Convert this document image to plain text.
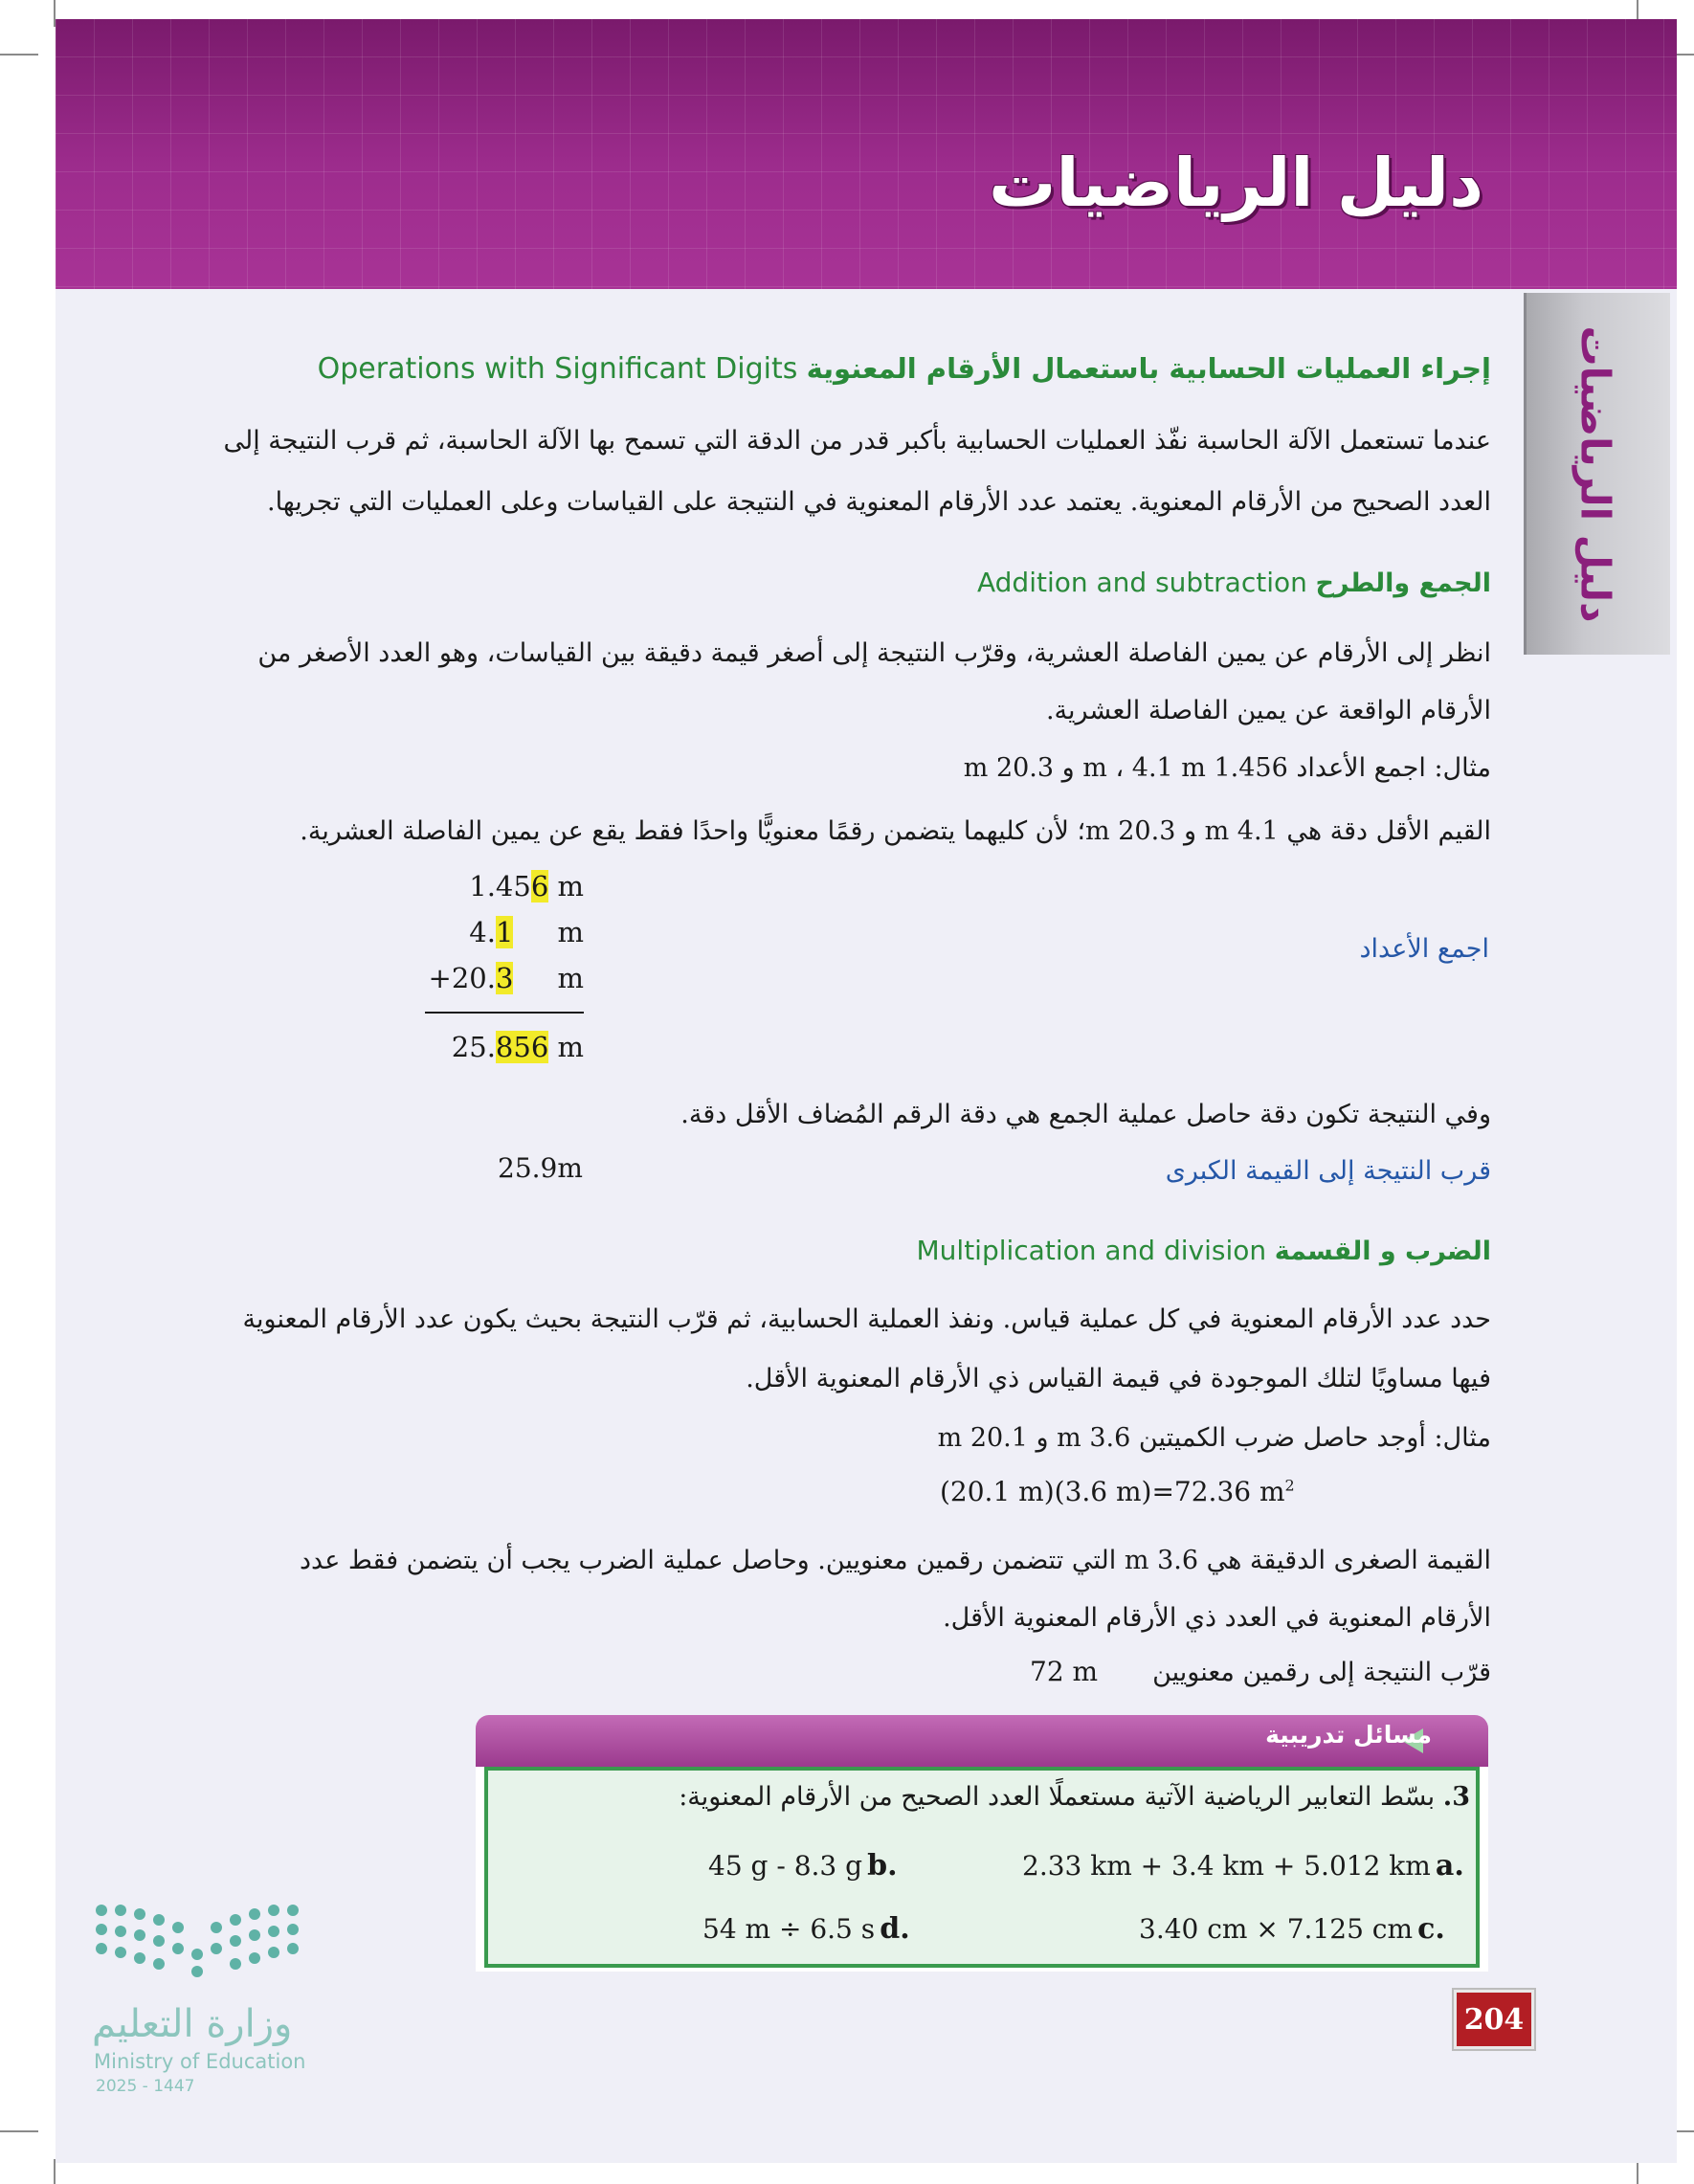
دليل الرياضيات
دليل الرياضيات
إجراء العمليات الحسابية باستعمال الأرقام المعنوية Operations with Significant Digits
عندما تستعمل الآلة الحاسبة نفّذ العمليات الحسابية بأكبر قدر من الدقة التي تسمح بها الآلة الحاسبة، ثم قرب النتيجة إلى
العدد الصحيح من الأرقام المعنوية. يعتمد عدد الأرقام المعنوية في النتيجة على القياسات وعلى العمليات التي تجريها.
الجمع والطرح Addition and subtraction
انظر إلى الأرقام عن يمين الفاصلة العشرية، وقرّب النتيجة إلى أصغر قيمة دقيقة بين القياسات، وهو العدد الأصغر من
الأرقام الواقعة عن يمين الفاصلة العشرية.
مثال: اجمع الأعداد 1.456 m ، 4.1 m و 20.3 m
القيم الأقل دقة هي 4.1 m و 20.3 m؛ لأن كليهما يتضمن رقمًا معنويًّا واحدًا فقط يقع عن يمين الفاصلة العشرية.
1.456 m
4.1 m
+20.3 m
25.856 m
اجمع الأعداد
وفي النتيجة تكون دقة حاصل عملية الجمع هي دقة الرقم المُضاف الأقل دقة.
قرب النتيجة إلى القيمة الكبرى
25.9m
الضرب و القسمة Multiplication and division
حدد عدد الأرقام المعنوية في كل عملية قياس. ونفذ العملية الحسابية، ثم قرّب النتيجة بحيث يكون عدد الأرقام المعنوية
فيها مساويًا لتلك الموجودة في قيمة القياس ذي الأرقام المعنوية الأقل.
مثال: أوجد حاصل ضرب الكميتين 3.6 m و 20.1 m
(20.1 m)(3.6 m)=72.36 $m^2$
القيمة الصغرى الدقيقة هي 3.6 m التي تتضمن رقمين معنويين. وحاصل عملية الضرب يجب أن يتضمن فقط عدد
الأرقام المعنوية في العدد ذي الأرقام المعنوية الأقل.
قرّب النتيجة إلى رقمين معنويين
72 m
مسائل تدريبية
3. بسّط التعابير الرياضية الآتية مستعملًا العدد الصحيح من الأرقام المعنوية:
2.33 km + 3.4 km + 5.012 km a.
45 g - 8.3 g b.
3.40 cm × 7.125 cm c.
54 m ÷ 6.5 s d.
وزارة التعليم
Ministry of Education
2025 - 1447
204
